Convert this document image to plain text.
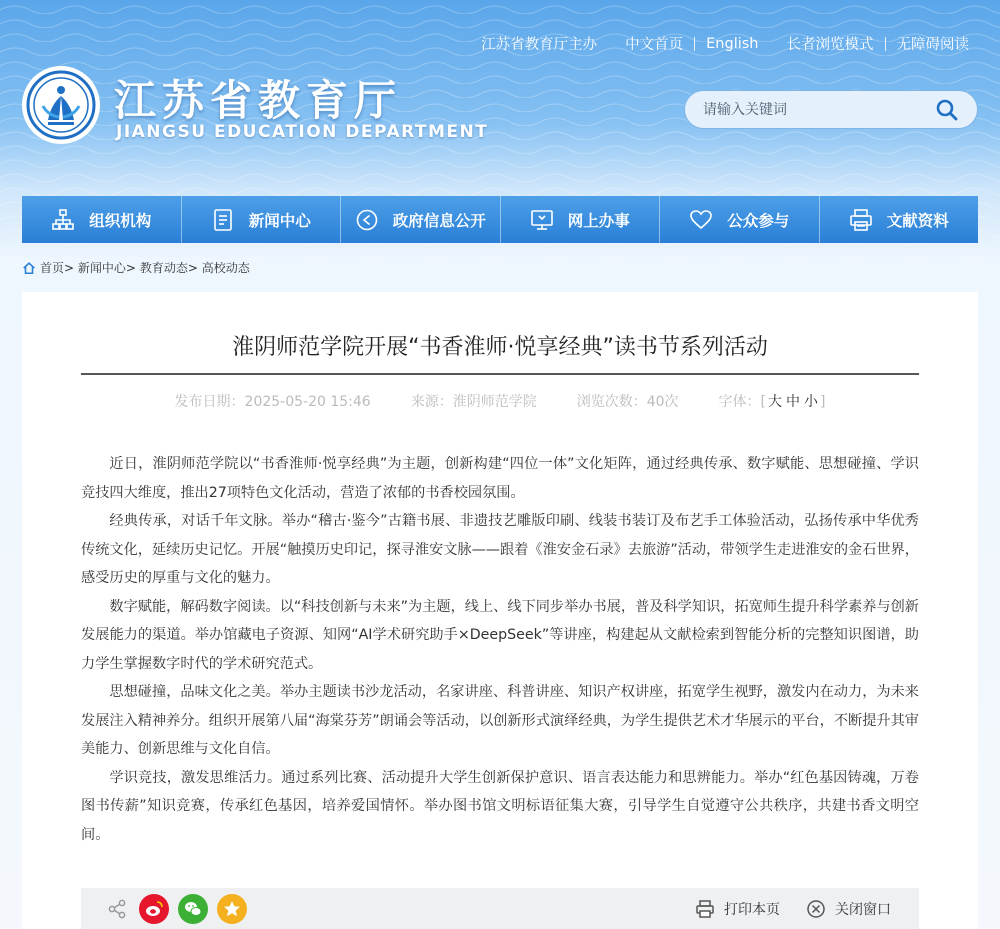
江苏省教育厅主办 中文首页 English 长者浏览模式 无障碍阅读
江苏省教育厅
JIANGSU EDUCATION DEPARTMENT
请输入关键词
组织机构	新闻中心	政府信息公开	网上办事	公众参与	文献资料
首页 >
新闻中心 >
教育动态 >
高校动态
淮阴师范学院开展“书香淮师·悦享经典”读书节系列活动
发布日期：2025-05-20 15:46	来源：淮阴师范学院	浏览次数：40次	字体：[ 大 中 小 ]

近日，淮阴师范学院以“书香淮师·悦享经典”为主题，创新构建“四位一体”文化矩阵，通过经典传承、数字赋能、思想碰撞、学识竞技四大维度，推出27项特色文化活动，营造了浓郁的书香校园氛围。

经典传承，对话千年文脉。举办“稽古·鉴今”古籍书展、非遗技艺雕版印刷、线装书装订及布艺手工体验活动，弘扬传承中华优秀传统文化，延续历史记忆。开展“触摸历史印记，探寻淮安文脉——跟着《淮安金石录》去旅游”活动，带领学生走进淮安的金石世界，感受历史的厚重与文化的魅力。

数字赋能，解码数字阅读。以“科技创新与未来”为主题，线上、线下同步举办书展，普及科学知识，拓宽师生提升科学素养与创新发展能力的渠道。举办馆藏电子资源、知网“AI学术研究助手×DeepSeek”等讲座，构建起从文献检索到智能分析的完整知识图谱，助力学生掌握数字时代的学术研究范式。

思想碰撞，品味文化之美。举办主题读书沙龙活动，名家讲座、科普讲座、知识产权讲座，拓宽学生视野，激发内在动力，为未来发展注入精神养分。组织开展第八届“海棠芬芳”朗诵会等活动，以创新形式演绎经典，为学生提供艺术才华展示的平台，不断提升其审美能力、创新思维与文化自信。

学识竞技，激发思维活力。通过系列比赛、活动提升大学生创新保护意识、语言表达能力和思辨能力。举办“红色基因铸魂，万卷图书传薪”知识竞赛，传承红色基因，培养爱国情怀。举办图书馆文明标语征集大赛，引导学生自觉遵守公共秩序，共建书香文明空间。

打印本页	关闭窗口
